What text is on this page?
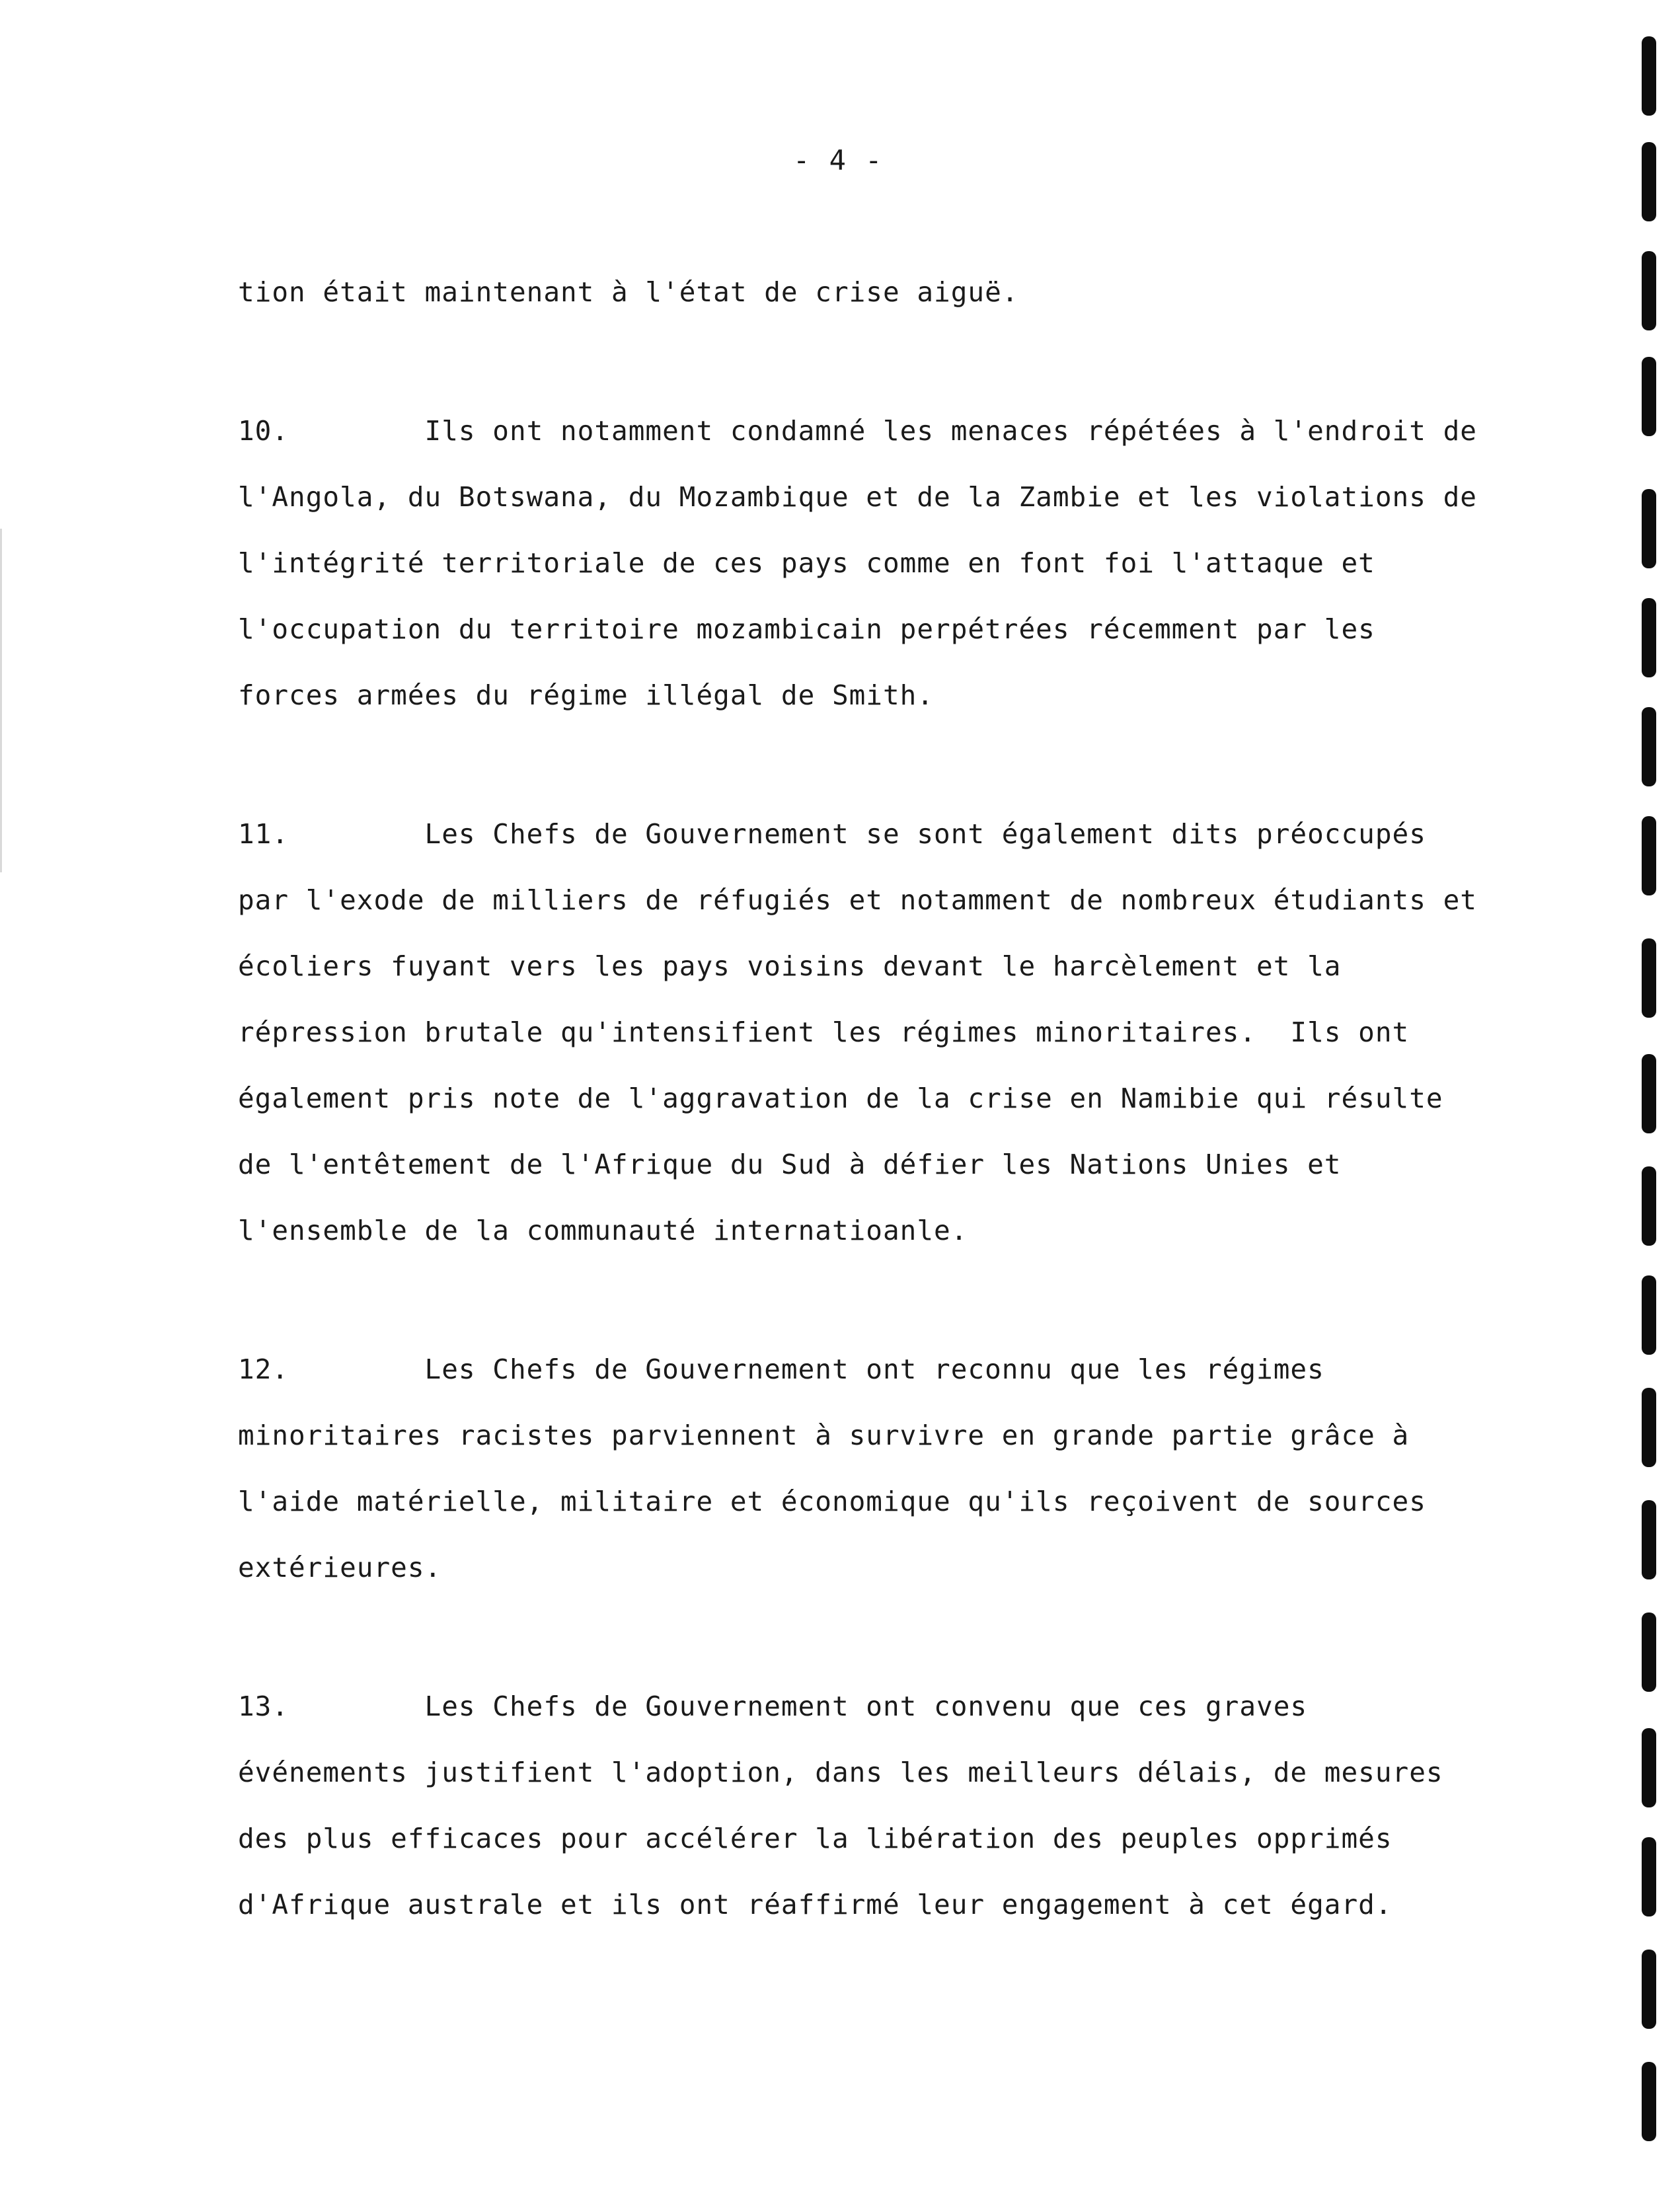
- 4 -
tion était maintenant à l'état de crise aiguë.
10.        Ils ont notamment condamné les menaces répétées à l'endroit de
l'Angola, du Botswana, du Mozambique et de la Zambie et les violations de
l'intégrité territoriale de ces pays comme en font foi l'attaque et
l'occupation du territoire mozambicain perpétrées récemment par les
forces armées du régime illégal de Smith.
11.        Les Chefs de Gouvernement se sont également dits préoccupés
par l'exode de milliers de réfugiés et notamment de nombreux étudiants et
écoliers fuyant vers les pays voisins devant le harcèlement et la
répression brutale qu'intensifient les régimes minoritaires.  Ils ont
également pris note de l'aggravation de la crise en Namibie qui résulte
de l'entêtement de l'Afrique du Sud à défier les Nations Unies et
l'ensemble de la communauté internatioanle.
12.        Les Chefs de Gouvernement ont reconnu que les régimes
minoritaires racistes parviennent à survivre en grande partie grâce à
l'aide matérielle, militaire et économique qu'ils reçoivent de sources
extérieures.
13.        Les Chefs de Gouvernement ont convenu que ces graves
événements justifient l'adoption, dans les meilleurs délais, de mesures
des plus efficaces pour accélérer la libération des peuples opprimés
d'Afrique australe et ils ont réaffirmé leur engagement à cet égard.
